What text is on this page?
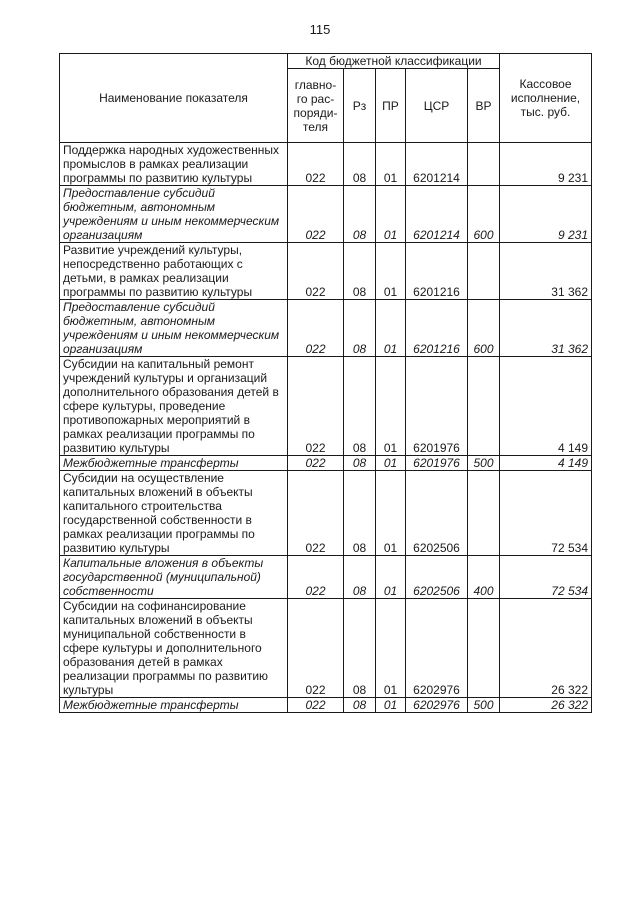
115
Наименование показателя	Код бюджетной классификации					Кассовое
исполнение,
тыс. руб.

	главно-
го рас-
поряди-
теля	Рз	ПР	ЦСР	ВР	
Поддержка народных художественных промыслов в рамках реализации программы по развитию культуры	022	08	01	6201214		9 231
Предоставление субсидий бюджетным, автономным учреждениям и иным некоммерческим организациям	022	08	01	6201214	600	9 231
Развитие учреждений культуры, непосредственно работающих с детьми, в рамках реализации программы по развитию культуры	022	08	01	6201216		31 362
Предоставление субсидий бюджетным, автономным учреждениям и иным некоммерческим организациям	022	08	01	6201216	600	31 362
Субсидии на капитальный ремонт учреждений культуры и организаций дополнительного образования детей в сфере культуры, проведение противопожарных мероприятий в рамках реализации программы по развитию культуры	022	08	01	6201976		4 149
Межбюджетные трансферты	022	08	01	6201976	500	4 149
Субсидии на осуществление капитальных вложений в объекты капитального строительства государственной собственности в рамках реализации программы по развитию культуры	022	08	01	6202506		72 534
Капитальные вложения в объекты государственной (муниципальной) собственности	022	08	01	6202506	400	72 534
Субсидии на софинансирование капитальных вложений в объекты муниципальной собственности в сфере культуры и дополнительного образования детей в рамках реализации программы по развитию культуры	022	08	01	6202976		26 322
Межбюджетные трансферты	022	08	01	6202976	500	26 322
